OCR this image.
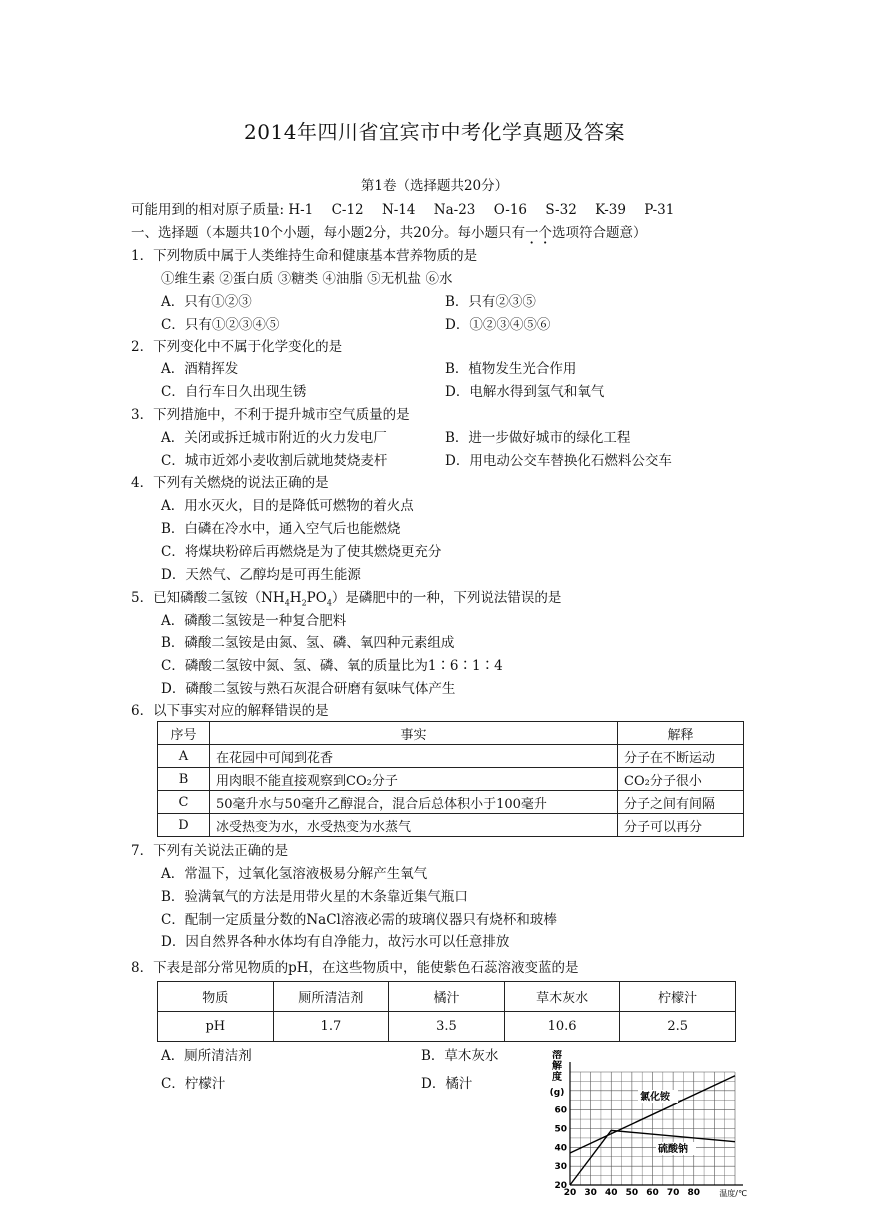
2014年四川省宜宾市中考化学真题及答案
第1卷（选择题共20分）
可能用到的相对原子质量: H-1 C-12 N-14 Na-23 O-16 S-32 K-39 P-31
一、选择题（本题共10个小题，每小题2分，共20分。每小题只有一个选项符合题意）
1．下列物质中属于人类维持生命和健康基本营养物质的是
①维生素 ②蛋白质 ③糖类 ④油脂 ⑤无机盐 ⑥水
A．只有①②③	B．只有②③⑤
C．只有①②③④⑤	D．①②③④⑤⑥
2．下列变化中不属于化学变化的是
A．酒精挥发	B．植物发生光合作用
C．自行车日久出现生锈	D．电解水得到氢气和氧气
3．下列措施中，不利于提升城市空气质量的是
A．关闭或拆迁城市附近的火力发电厂	B．进一步做好城市的绿化工程
C．城市近郊小麦收割后就地焚烧麦杆	D．用电动公交车替换化石燃料公交车
4．下列有关燃烧的说法正确的是
A．用水灭火，目的是降低可燃物的着火点
B．白磷在冷水中，通入空气后也能燃烧
C．将煤块粉碎后再燃烧是为了使其燃烧更充分
D．天然气、乙醇均是可再生能源
5．已知磷酸二氢铵$(NH_4H_2PO_4)$是磷肥中的一种，下列说法错误的是
A．磷酸二氢铵是一种复合肥料
B．磷酸二氢铵是由氮、氢、磷、氧四种元素组成
C．磷酸二氢铵中氮、氢、磷、氧的质量比为1∶6∶1∶4
D．磷酸二氢铵与熟石灰混合研磨有氨味气体产生
6．以下事实对应的解释错误的是
序号	事实	解释
A	在花园中可闻到花香	分子在不断运动
B	用肉眼不能直接观察到CO₂分子	CO₂分子很小
C	50毫升水与50毫升乙醇混合，混合后总体积小于100毫升	分子之间有间隔
D	冰受热变为水，水受热变为水蒸气	分子可以再分
7．下列有关说法正确的是
A．常温下，过氧化氢溶液极易分解产生氧气
B．验满氧气的方法是用带火星的木条靠近集气瓶口
C．配制一定质量分数的NaCl溶液必需的玻璃仪器只有烧杯和玻棒
D．因自然界各种水体均有自净能力，故污水可以任意排放
8．下表是部分常见物质的pH，在这些物质中，能使紫色石蕊溶液变蓝的是
物质	厕所清洁剂	橘汁	草木灰水	柠檬汁
pH	1.7	3.5	10.6	2.5
A．厕所清洁剂	B．草木灰水
C．柠檬汁	D．橘汁
氯化铵
硫酸钠
20 30 40 50 60 70 80
20
30
40
50
60
溶
解
度
(g)
温度/℃
